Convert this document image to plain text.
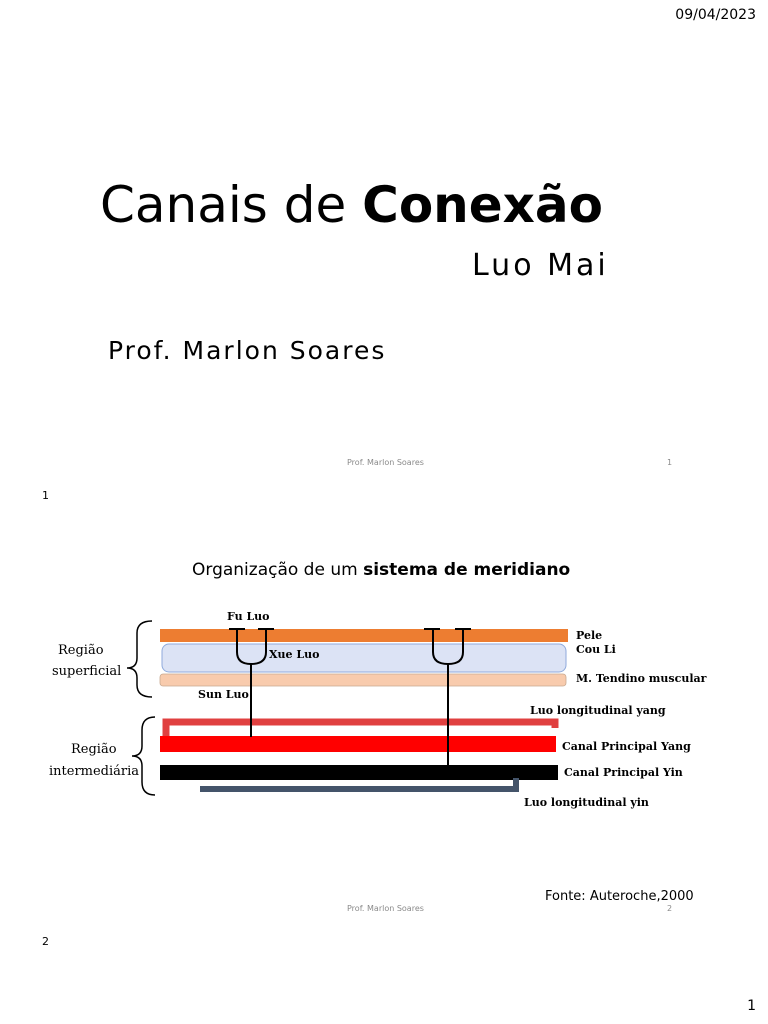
09/04/2023
Canais de Conexão
Luo Mai
Prof. Marlon Soares
Prof. Marlon Soares	1
1
Organização de um sistema de meridiano
Região
superficial
Região
intermediária
Fu Luo
Xue Luo
Sun Luo
Pele
Cou Li
M. Tendino muscular
Luo longitudinal yang
Canal Principal Yang
Canal Principal Yin
Luo longitudinal yin
Fonte: Auteroche,2000
Prof. Marlon Soares	2
2
1
